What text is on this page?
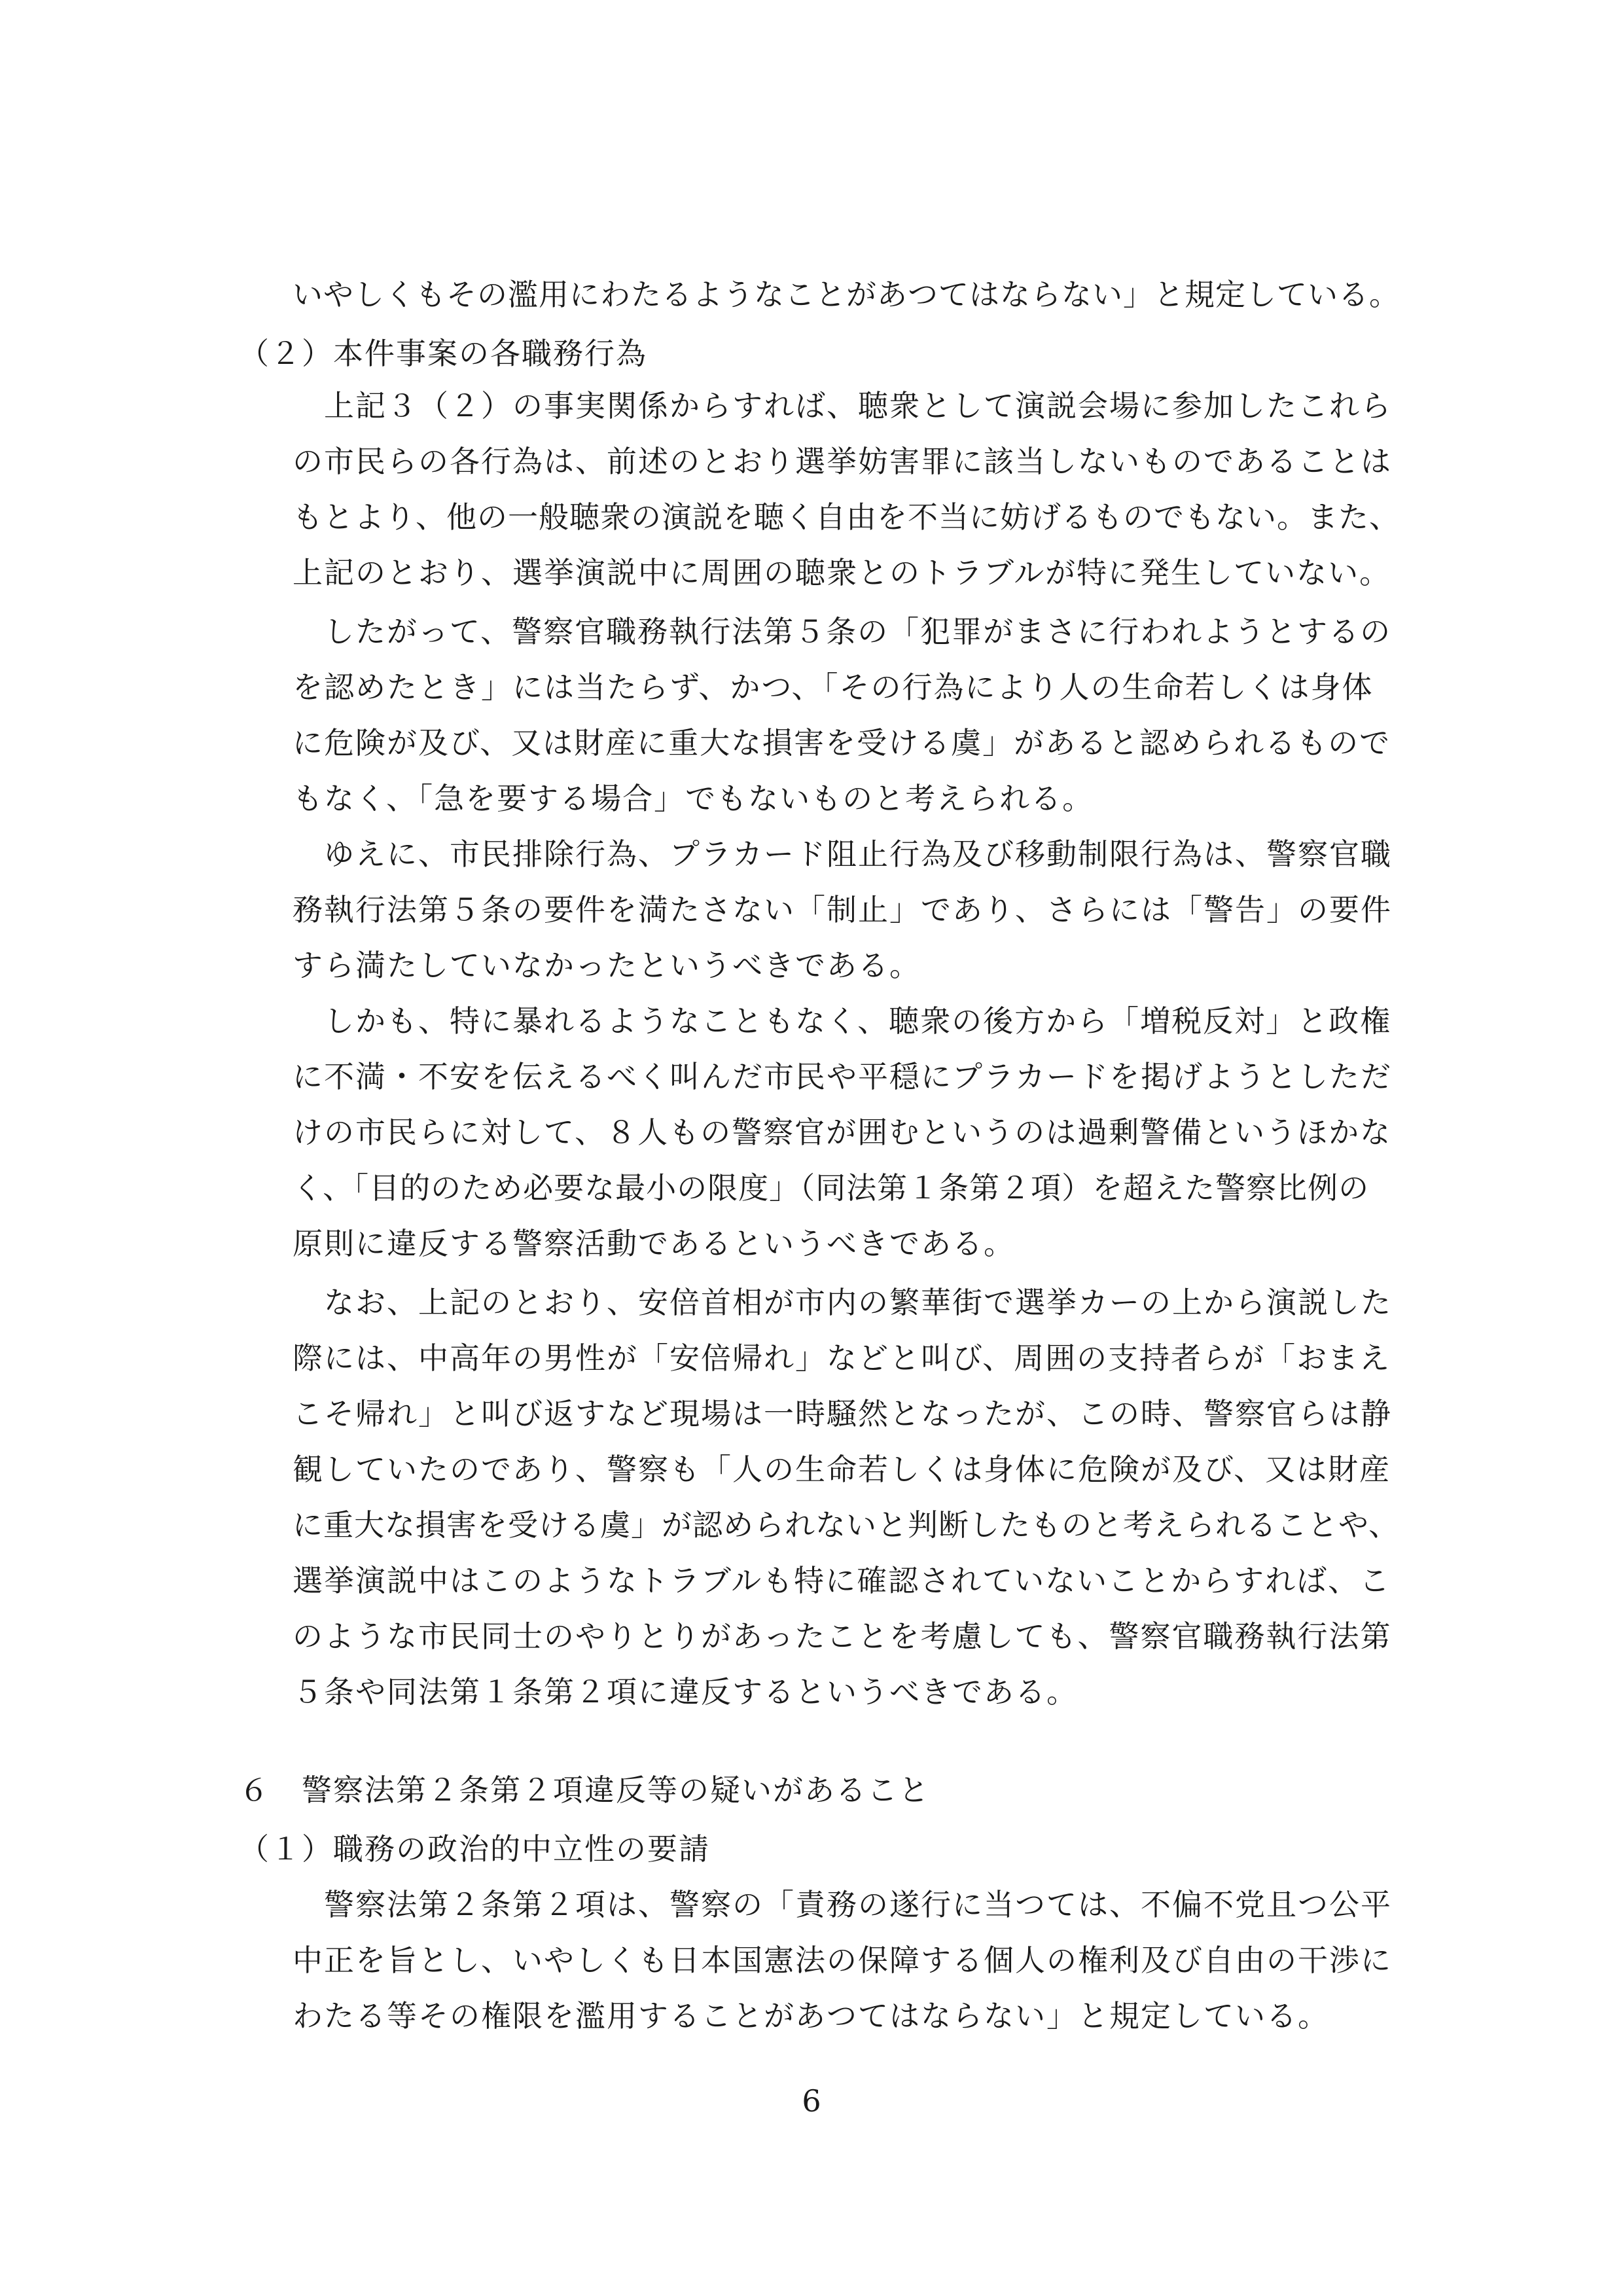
いやしくもその濫用にわたるようなことがあつてはならない」と規定している。
（２）本件事案の各職務行為
上記３（２）の事実関係からすれば、聴衆として演説会場に参加したこれら
の市民らの各行為は、前述のとおり選挙妨害罪に該当しないものであることは
もとより、他の一般聴衆の演説を聴く自由を不当に妨げるものでもない。また、
上記のとおり、選挙演説中に周囲の聴衆とのトラブルが特に発生していない。
したがって、警察官職務執行法第５条の「犯罪がまさに行われようとするの
を認めたとき」には当たらず、かつ、「その行為により人の生命若しくは身体
に危険が及び、又は財産に重大な損害を受ける虞」があると認められるもので
もなく、「急を要する場合」でもないものと考えられる。
ゆえに、市民排除行為、プラカード阻止行為及び移動制限行為は、警察官職
務執行法第５条の要件を満たさない「制止」であり、さらには「警告」の要件
すら満たしていなかったというべきである。
しかも、特に暴れるようなこともなく、聴衆の後方から「増税反対」と政権
に不満・不安を伝えるべく叫んだ市民や平穏にプラカードを掲げようとしただ
けの市民らに対して、８人もの警察官が囲むというのは過剰警備というほかな
く、「目的のため必要な最小の限度」（同法第１条第２項）を超えた警察比例の
原則に違反する警察活動であるというべきである。
なお、上記のとおり、安倍首相が市内の繁華街で選挙カーの上から演説した
際には、中高年の男性が「安倍帰れ」などと叫び、周囲の支持者らが「おまえ
こそ帰れ」と叫び返すなど現場は一時騒然となったが、この時、警察官らは静
観していたのであり、警察も「人の生命若しくは身体に危険が及び、又は財産
に重大な損害を受ける虞」が認められないと判断したものと考えられることや、
選挙演説中はこのようなトラブルも特に確認されていないことからすれば、こ
のような市民同士のやりとりがあったことを考慮しても、警察官職務執行法第
５条や同法第１条第２項に違反するというべきである。
６　警察法第２条第２項違反等の疑いがあること
（１）職務の政治的中立性の要請
警察法第２条第２項は、警察の「責務の遂行に当つては、不偏不党且つ公平
中正を旨とし、いやしくも日本国憲法の保障する個人の権利及び自由の干渉に
わたる等その権限を濫用することがあつてはならない」と規定している。
6
